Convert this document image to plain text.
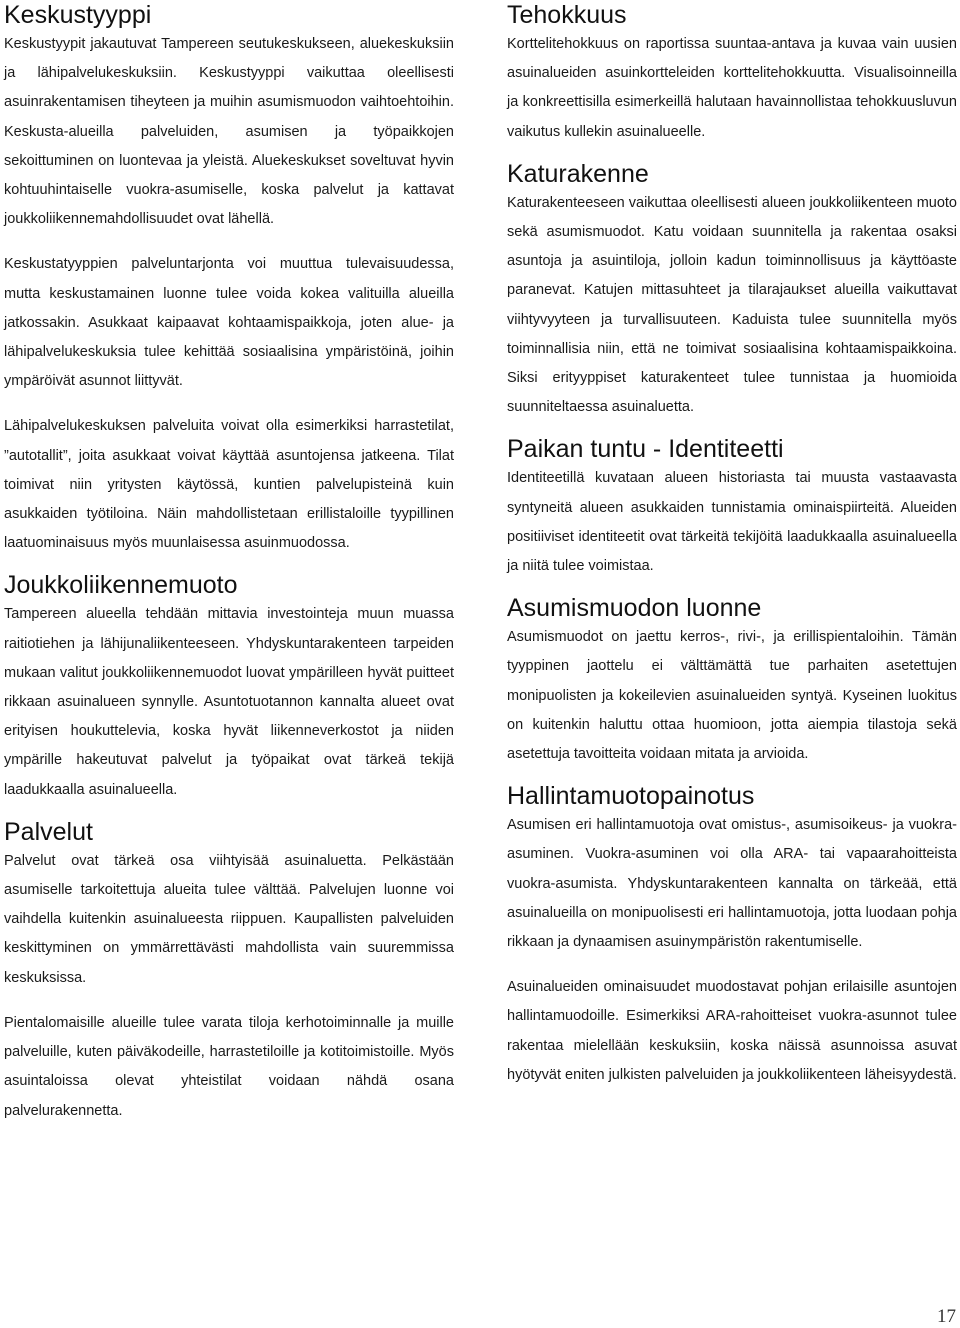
Keskustyyppi

Keskustyypit jakautuvat Tampereen seutukeskukseen, aluekeskuksiin ja lähipalvelukeskuksiin. Keskustyyppi vaikuttaa oleellisesti asuinrakentamisen tiheyteen ja muihin asumismuodon vaihtoehtoihin. Keskusta-alueilla palveluiden, asumisen ja työpaikkojen sekoittuminen on luontevaa ja yleistä. Aluekeskukset soveltuvat hyvin kohtuuhintaiselle vuokra-asumiselle, koska palvelut ja kattavat joukkoliikennemahdollisuudet ovat lähellä.

Keskustatyyppien palveluntarjonta voi muuttua tulevaisuudessa, mutta keskustamainen luonne tulee voida kokea valituilla alueilla jatkossakin. Asukkaat kaipaavat kohtaamispaikkoja, joten alue- ja lähipalvelukeskuksia tulee kehittää sosiaalisina ympäristöinä, joihin ympäröivät asunnot liittyvät.

Lähipalvelukeskuksen palveluita voivat olla esimerkiksi harrastetilat, ”autotallit”, joita asukkaat voivat käyttää asuntojensa jatkeena. Tilat toimivat niin yritysten käytössä, kuntien palvelupisteinä kuin asukkaiden työtiloina. Näin mahdollistetaan erillistaloille tyypillinen laatuominaisuus myös muunlaisessa asuinmuodossa.

Joukkoliikennemuoto

Tampereen alueella tehdään mittavia investointeja muun muassa raitiotiehen ja lähijunaliikenteeseen. Yhdyskuntarakenteen tarpeiden mukaan valitut joukkoliikennemuodot luovat ympärilleen hyvät puitteet rikkaan asuinalueen synnylle. Asuntotuotannon kannalta alueet ovat erityisen houkuttelevia, koska hyvät liikenneverkostot ja niiden ympärille hakeutuvat palvelut ja työpaikat ovat tärkeä tekijä laadukkaalla asuinalueella.

Palvelut

Palvelut ovat tärkeä osa viihtyisää asuinaluetta. Pelkästään asumiselle tarkoitettuja alueita tulee välttää. Palvelujen luonne voi vaihdella kuitenkin asuinalueesta riippuen. Kaupallisten palveluiden keskittyminen on ymmärrettävästi mahdollista vain suuremmissa keskuksissa.

Pientalomaisille alueille tulee varata tiloja kerhotoiminnalle ja muille palveluille, kuten päiväkodeille, harrastetiloille ja kotitoimistoille. Myös asuintaloissa olevat yhteistilat voidaan nähdä osana palvelurakennetta.

Tehokkuus

Korttelitehokkuus on raportissa suuntaa-antava ja kuvaa vain uusien asuinalueiden asuinkortteleiden korttelitehokkuutta. Visualisoinneilla ja konkreettisilla esimerkeillä halutaan havainnollistaa tehokkuusluvun vaikutus kullekin asuinalueelle.

Katurakenne

Katurakenteeseen vaikuttaa oleellisesti alueen joukkoliikenteen muoto sekä asumismuodot. Katu voidaan suunnitella ja rakentaa osaksi asuntoja ja asuintiloja, jolloin kadun toiminnollisuus ja käyttöaste paranevat. Katujen mittasuhteet ja tilarajaukset alueilla vaikuttavat viihtyvyyteen ja turvallisuuteen. Kaduista tulee suunnitella myös toiminnallisia niin, että ne toimivat sosiaalisina kohtaamispaikkoina. Siksi erityyppiset katurakenteet tulee tunnistaa ja huomioida suunniteltaessa asuinaluetta.

Paikan tuntu - Identiteetti

Identiteetillä kuvataan alueen historiasta tai muusta vastaavasta syntyneitä alueen asukkaiden tunnistamia ominaispiirteitä. Alueiden positiiviset identiteetit ovat tärkeitä tekijöitä laadukkaalla asuinalueella ja niitä tulee voimistaa.

Asumismuodon luonne

Asumismuodot on jaettu kerros-, rivi-, ja erillispientaloihin. Tämän tyyppinen jaottelu ei välttämättä tue parhaiten asetettujen monipuolisten ja kokeilevien asuinalueiden syntyä. Kyseinen luokitus on kuitenkin haluttu ottaa huomioon, jotta aiempia tilastoja sekä asetettuja tavoitteita voidaan mitata ja arvioida.

Hallintamuotopainotus

Asumisen eri hallintamuotoja ovat omistus-, asumisoikeus- ja vuokra-asuminen. Vuokra-asuminen voi olla ARA- tai vapaarahoitteista vuokra-asumista. Yhdyskuntarakenteen kannalta on tärkeää, että asuinalueilla on monipuolisesti eri hallintamuotoja, jotta luodaan pohja rikkaan ja dynaamisen asuinympäristön rakentumiselle.

Asuinalueiden ominaisuudet muodostavat pohjan erilaisille asuntojen hallintamuodoille. Esimerkiksi ARA-rahoitteiset vuokra-asunnot tulee rakentaa mielellään keskuksiin, koska näissä asunnoissa asuvat hyötyvät eniten julkisten palveluiden ja joukkoliikenteen läheisyydestä.

17
